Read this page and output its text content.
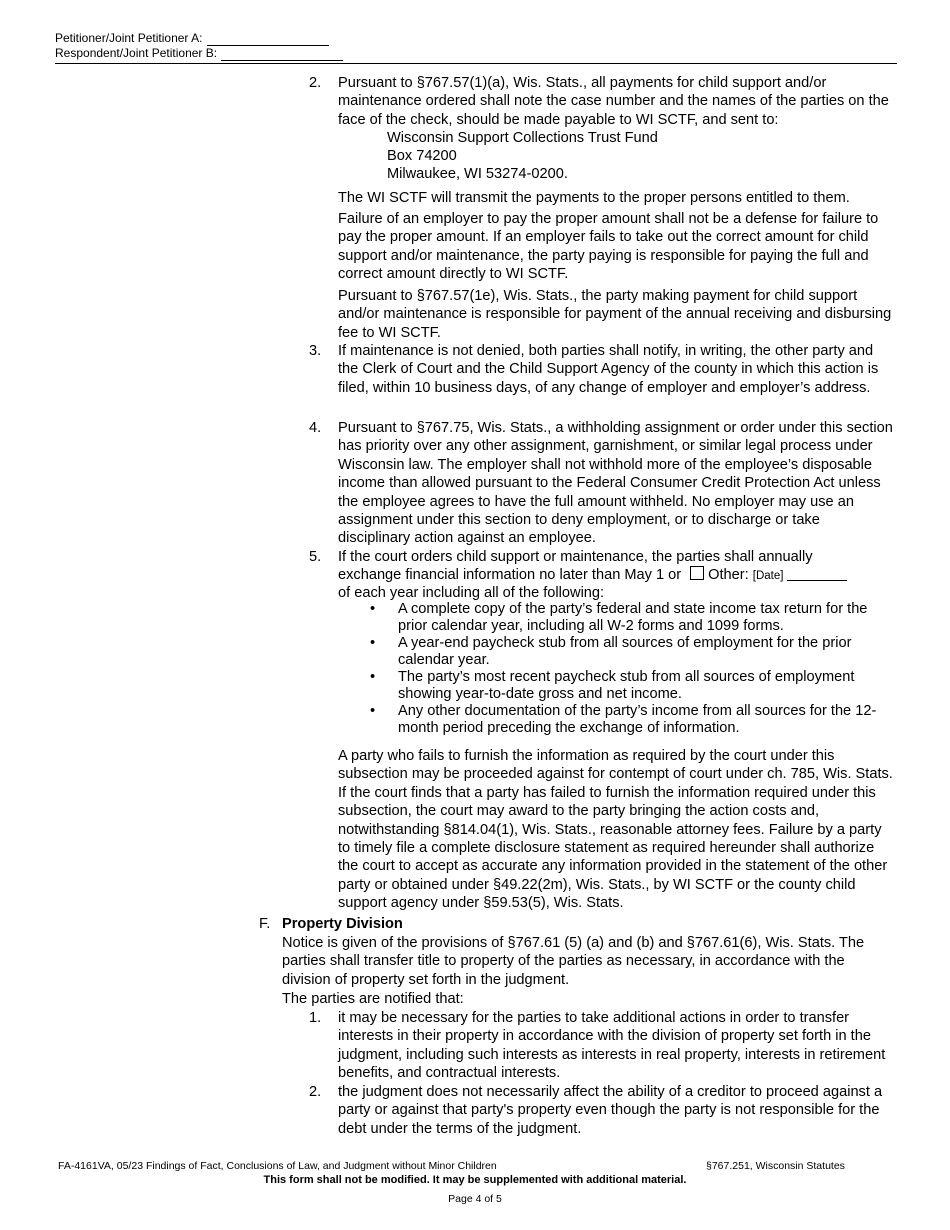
Petitioner/Joint Petitioner A:
Respondent/Joint Petitioner B:
2. Pursuant to §767.57(1)(a), Wis. Stats., all payments for child support and/or maintenance ordered shall note the case number and the names of the parties on the face of the check, should be made payable to WI SCTF, and sent to:
Wisconsin Support Collections Trust Fund
Box 74200
Milwaukee, WI 53274-0200.
The WI SCTF will transmit the payments to the proper persons entitled to them.
Failure of an employer to pay the proper amount shall not be a defense for failure to pay the proper amount. If an employer fails to take out the correct amount for child support and/or maintenance, the party paying is responsible for paying the full and correct amount directly to WI SCTF.
Pursuant to §767.57(1e), Wis. Stats., the party making payment for child support and/or maintenance is responsible for payment of the annual receiving and disbursing fee to WI SCTF.
3. If maintenance is not denied, both parties shall notify, in writing, the other party and the Clerk of Court and the Child Support Agency of the county in which this action is filed, within 10 business days, of any change of employer and employer’s address.
4. Pursuant to §767.75, Wis. Stats., a withholding assignment or order under this section has priority over any other assignment, garnishment, or similar legal process under Wisconsin law. The employer shall not withhold more of the employee’s disposable income than allowed pursuant to the Federal Consumer Credit Protection Act unless the employee agrees to have the full amount withheld. No employer may use an assignment under this section to deny employment, or to discharge or take disciplinary action against an employee.
5. If the court orders child support or maintenance, the parties shall annually
exchange financial information no later than May 1 or Other: [Date]
of each year including all of the following:
• A complete copy of the party’s federal and state income tax return for the prior calendar year, including all W-2 forms and 1099 forms.
• A year-end paycheck stub from all sources of employment for the prior calendar year.
• The party’s most recent paycheck stub from all sources of employment showing year-to-date gross and net income.
• Any other documentation of the party’s income from all sources for the 12-month period preceding the exchange of information.
A party who fails to furnish the information as required by the court under this subsection may be proceeded against for contempt of court under ch. 785, Wis. Stats. If the court finds that a party has failed to furnish the information required under this subsection, the court may award to the party bringing the action costs and, notwithstanding §814.04(1), Wis. Stats., reasonable attorney fees. Failure by a party to timely file a complete disclosure statement as required hereunder shall authorize the court to accept as accurate any information provided in the statement of the other party or obtained under §49.22(2m), Wis. Stats., by WI SCTF or the county child support agency under §59.53(5), Wis. Stats.
F. Property Division
Notice is given of the provisions of §767.61 (5) (a) and (b) and §767.61(6), Wis. Stats. The parties shall transfer title to property of the parties as necessary, in accordance with the division of property set forth in the judgment.
The parties are notified that:
1. it may be necessary for the parties to take additional actions in order to transfer interests in their property in accordance with the division of property set forth in the judgment, including such interests as interests in real property, interests in retirement benefits, and contractual interests.
2. the judgment does not necessarily affect the ability of a creditor to proceed against a party or against that party's property even though the party is not responsible for the debt under the terms of the judgment.
FA-4161VA, 05/23 Findings of Fact, Conclusions of Law, and Judgment without Minor Children	§767.251, Wisconsin Statutes
This form shall not be modified. It may be supplemented with additional material.
Page 4 of 5
